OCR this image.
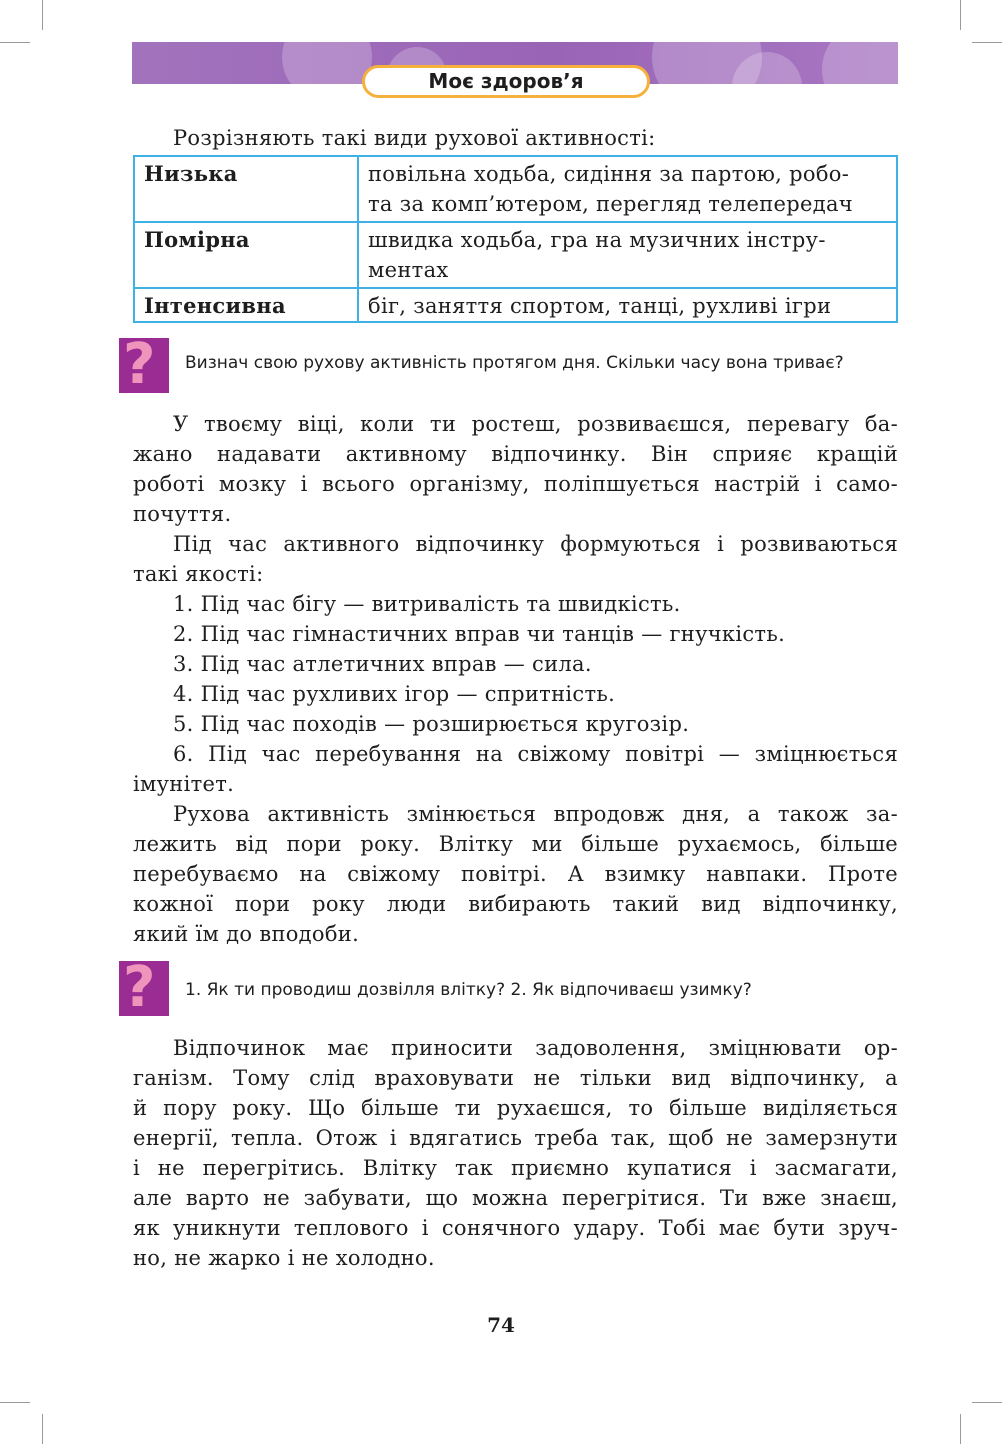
Моє здоров’я
Розрізняють такі види рухової активності:
Низька	повільна ходьба, сидіння за партою, робо-
та за комп’ютером, перегляд телепередач

Помірна	швидка ходьба, гра на музичних інстру-
ментах

Інтенсивна	біг, заняття спортом, танці, рухливі ігри
? Визнач свою рухову активність протягом дня. Скільки часу вона триває?
У твоєму віці, коли ти ростеш, розвиваєшся, перевагу ба-
жано надавати активному відпочинку. Він сприяє кращій
роботі мозку і всього організму, поліпшується настрій і само-
почуття.
Під час активного відпочинку формуються і розвиваються
такі якості:
1. Під час бігу — витривалість та швидкість.
2. Під час гімнастичних вправ чи танців — гнучкість.
3. Під час атлетичних вправ — сила.
4. Під час рухливих ігор — спритність.
5. Під час походів — розширюється кругозір.
6. Під час перебування на свіжому повітрі — зміцнюється
імунітет.
Рухова активність змінюється впродовж дня, а також за-
лежить від пори року. Влітку ми більше рухаємось, більше
перебуваємо на свіжому повітрі. А взимку навпаки. Проте
кожної пори року люди вибирають такий вид відпочинку,
який їм до вподоби.
? 1. Як ти проводиш дозвілля влітку? 2. Як відпочиваєш узимку?
Відпочинок має приносити задоволення, зміцнювати ор-
ганізм. Тому слід враховувати не тільки вид відпочинку, а
й пору року. Що більше ти рухаєшся, то більше виділяється
енергії, тепла. Отож і вдягатись треба так, щоб не замерзнути
і не перегрітись. Влітку так приємно купатися і засмагати,
але варто не забувати, що можна перегрітися. Ти вже знаєш,
як уникнути теплового і сонячного удару. Тобі має бути зруч-
но, не жарко і не холодно.
74
